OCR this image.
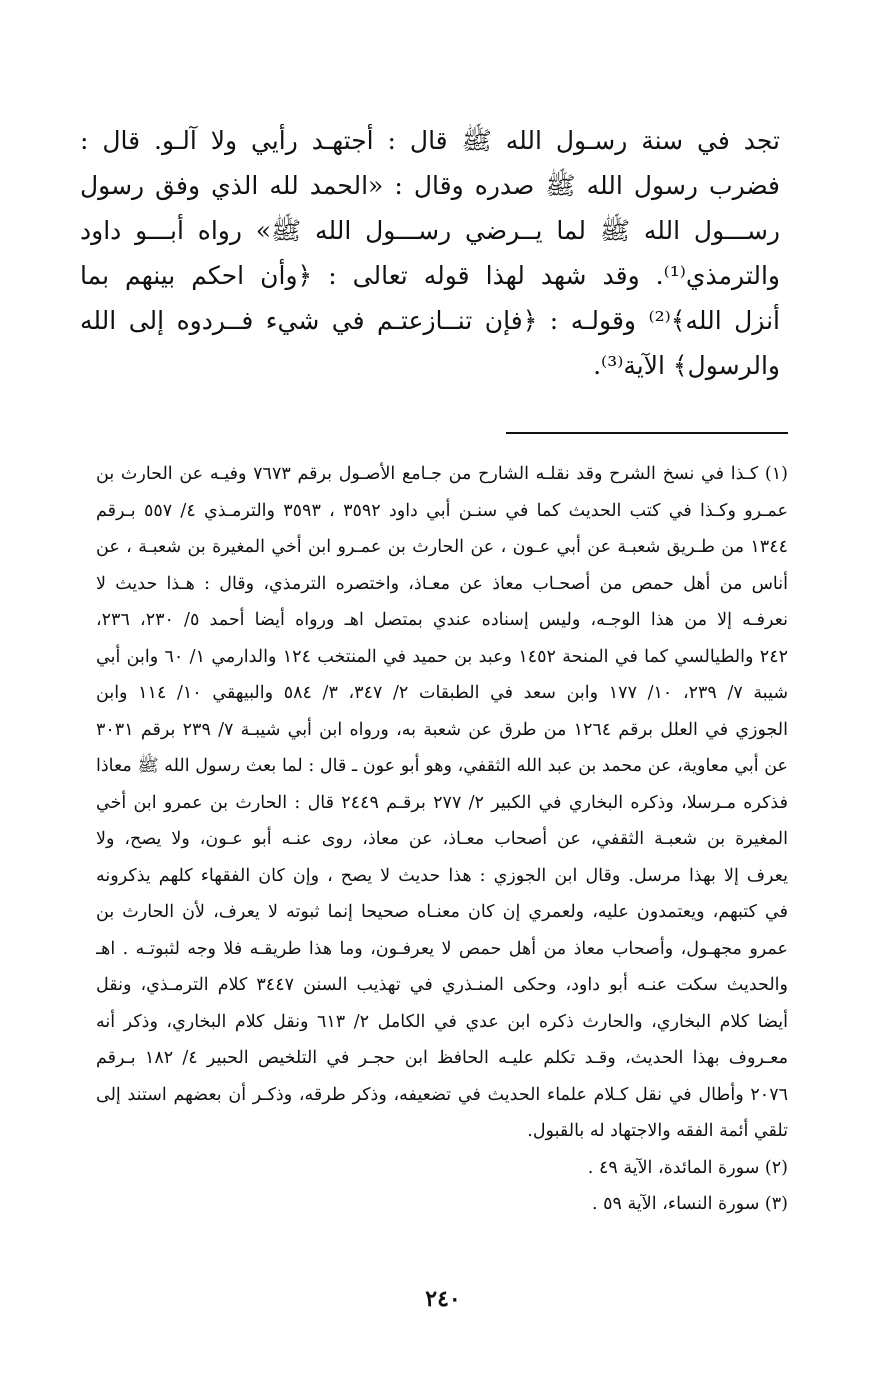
تجد في سنة رسـول الله ﷺ قال : أجتهـد رأيي ولا آلـو. قال :
فضرب رسول الله ﷺ صدره وقال : «الحمد لله الذي وفق رسول
رســـول الله ﷺ لما يــرضي رســـول الله ﷺ» رواه أبـــو داود
والترمذي⁽¹⁾. وقد شهد لهذا قوله تعالى : ﴿وأن احكم بينهم بما
أنزل الله﴾⁽²⁾ وقولـه : ﴿فإن تنــازعتـم في شيء فــردوه إلى الله
والرسول﴾ الآية⁽³⁾.
(١) كـذا في نسخ الشرح وقد نقلـه الشارح من جـامع الأصـول برقم ٧٦٧٣ وفيـه عن الحارث بن
عمـرو وكـذا في كتب الحديث كما في سنـن أبي داود ٣٥٩٢ ، ٣٥٩٣ والترمـذي ٤/ ٥٥٧ بـرقم
١٣٤٤ من طـريق شعبـة عن أبي عـون ، عن الحارث بن عمـرو ابن أخي المغيرة بن شعبـة ، عن
أناس من أهل حمص من أصحـاب معاذ عن معـاذ، واختصره الترمذي، وقال : هـذا حديث لا
نعرفـه إلا من هذا الوجـه، وليس إسناده عندي بمتصل اهـ ورواه أيضا أحمد ٥/ ٢٣٠، ٢٣٦،
٢٤٢ والطيالسي كما في المنحة ١٤٥٢ وعبد بن حميد في المنتخب ١٢٤ والدارمي ١/ ٦٠ وابن أبي
شيبة ٧/ ٢٣٩، ١٠/ ١٧٧ وابن سعد في الطبقات ٢/ ٣٤٧، ٣/ ٥٨٤ والبيهقي ١٠/ ١١٤ وابن
الجوزي في العلل برقم ١٢٦٤ من طرق عن شعبة به، ورواه ابن أبي شيبـة ٧/ ٢٣٩ برقم ٣٠٣١
عن أبي معاوية، عن محمد بن عبد الله الثقفي، وهو أبو عون ـ قال : لما بعث رسول الله ﷺ معاذا
فذكره مـرسلا، وذكره البخاري في الكبير ٢/ ٢٧٧ برقـم ٢٤٤٩ قال : الحارث بن عمرو ابن أخي
المغيرة بن شعبـة الثقفي، عن أصحاب معـاذ، عن معاذ، روى عنـه أبو عـون، ولا يصح، ولا
يعرف إلا بهذا مرسل. وقال ابن الجوزي : هذا حديث لا يصح ، وإن كان الفقهاء كلهم يذكرونه
في كتبهم، ويعتمدون عليه، ولعمري إن كان معنـاه صحيحا إنما ثبوته لا يعرف، لأن الحارث بن
عمرو مجهـول، وأصحاب معاذ من أهل حمص لا يعرفـون، وما هذا طريقـه فلا وجه لثبوتـه . اهـ
والحديث سكت عنـه أبو داود، وحكى المنـذري في تهذيب السنن ٣٤٤٧ كلام الترمـذي، ونقل
أيضا كلام البخاري، والحارث ذكره ابن عدي في الكامل ٢/ ٦١٣ ونقل كلام البخاري، وذكر أنه
معـروف بهذا الحديث، وقـد تكلم عليـه الحافظ ابن حجـر في التلخيص الحبير ٤/ ١٨٢ بـرقم
٢٠٧٦ وأطال في نقل كـلام علماء الحديث في تضعيفه، وذكر طرقه، وذكـر أن بعضهم استند إلى
تلقي أئمة الفقه والاجتهاد له بالقبول.
(٢) سورة المائدة، الآية ٤٩ .
(٣) سورة النساء، الآية ٥٩ .
٢٤٠
